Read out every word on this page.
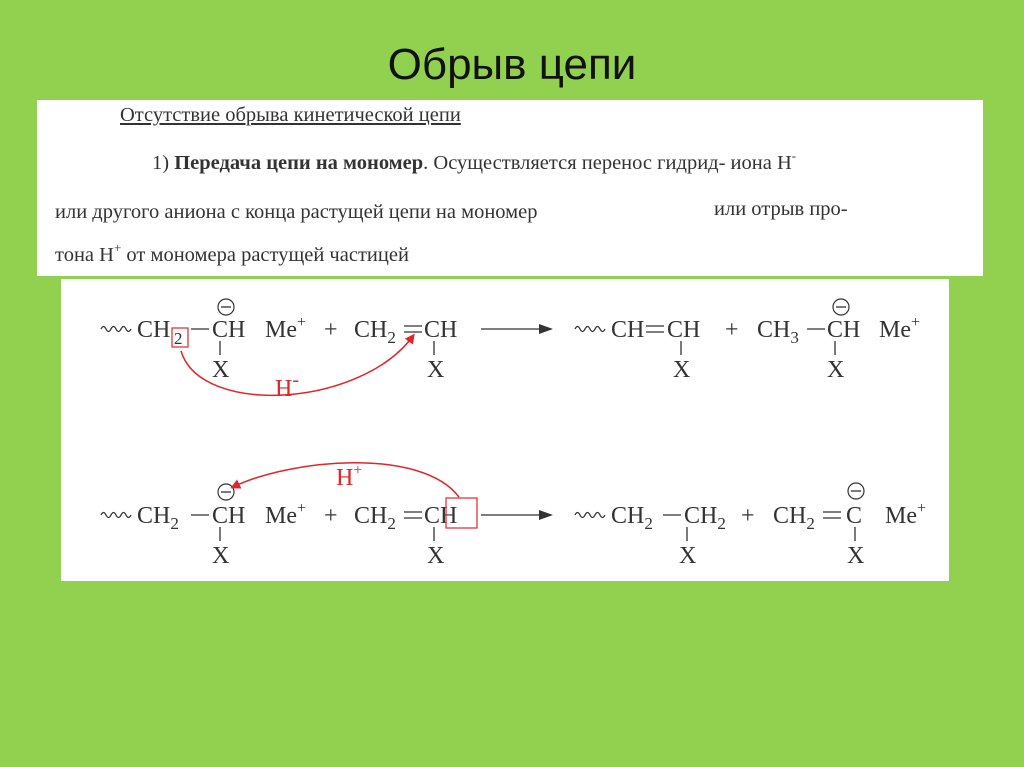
Обрыв цепи
Отсутствие обрыва кинетической цепи
1) Передача цепи на мономер. Осуществляется перенос гидрид- иона H-
или другого аниона с конца растущей цепи на мономер	или отрыв про-
тона H+ от мономера растущей частицей
CH 2 CH
X
$Me^+ + CH_2$ CH
X
H-
CH CH
X
+ $CH_3$ CH
X
Me+
$CH_2$ CH
X
$Me^+ + CH_2$ CH
X
H+
$CH_2$ $CH_2$
X
+ $CH_2$ C
X
Me+
